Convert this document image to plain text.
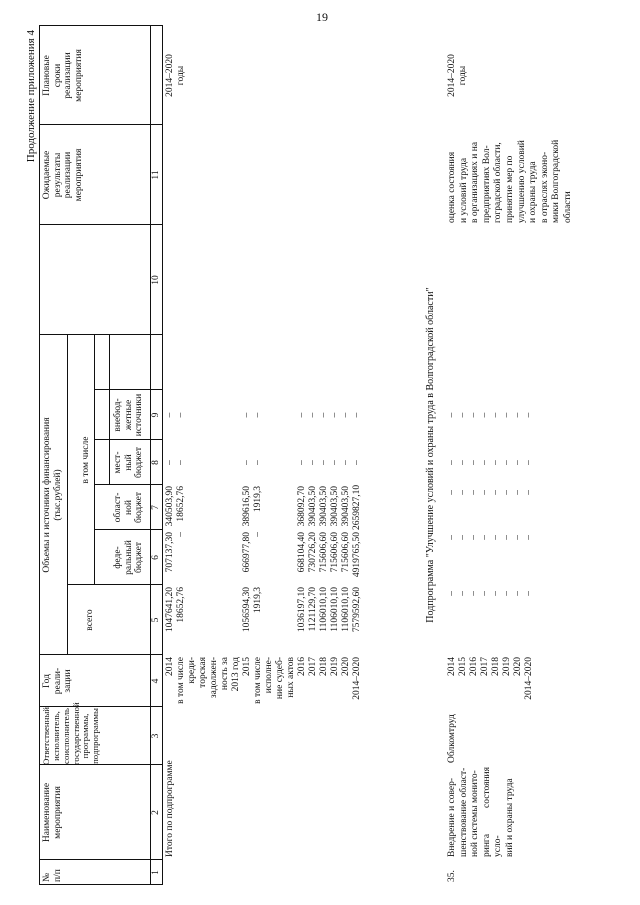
19
Продолжение приложения 4
№
п/п
Наименование
мероприятия
Ответственный
исполнитель,
соисполнитель
государственной
программы,
подпрограммы
Год
реали-
зации
Объемы и источники финансирования
(тыс.рублей)
всего
в том числе
феде-
ральный
бюджет
област-
ной
бюджет
мест-
ный
бюджет
внебюд-
жетные
источники
Ожидаемые
результаты
реализации
мероприятия
Плановые
сроки
реализации
мероприятия
1
2
3
4
5
6
7
8
9
10
11
Итого по подпрограмме
2014
в том числе
креди-
торская
задолжен-
ность за
2013 год
2015
в том числе
исполне-
ние судеб-
ных актов
2016
2017
2018
2019
2020
2014–2020
1047641,20
18652,76

1056594,30
1919,3

1036197,10
1121129,70
1106010,10
1106010,10
1106010,10
7579592,60
707137,30
–

666977,80
–

668104,40
730726,20
715606,60
715606,60
715606,60
4919765,50
340503,90
18652,76

389616,50
1919,3

368092,70
390403,50
390403,50
390403,50
390403,50
2659827,10
–
–

–
–

–
–
–
–
–
–
–
–

–
–

–
–
–
–
–
–
2014–2020
годы
Подпрограмма "Улучшение условий и охраны труда в Волгоградской области"
35.
Внедрение и совер-
шенствование област-
ной системы монито-
ринга состояния усло-
вий и охраны труда
Облкомтруд
2014
2015
2016
2017
2018
2019
2020
2014–2020
–
–
–
–
–
–
–
–
–
–
–
–
–
–
–
–
–
–
–
–
–
–
–
–
–
–
–
–
–
–
–
–
–
–
–
–
–
–
–
–
оценка состояния
и условий труда
в организациях и на
предприятиях Вол-
гоградской области,
принятие мер по
улучшению условий
и охраны труда
в отраслях эконо-
мики Волгоградской
области
2014–2020
годы
